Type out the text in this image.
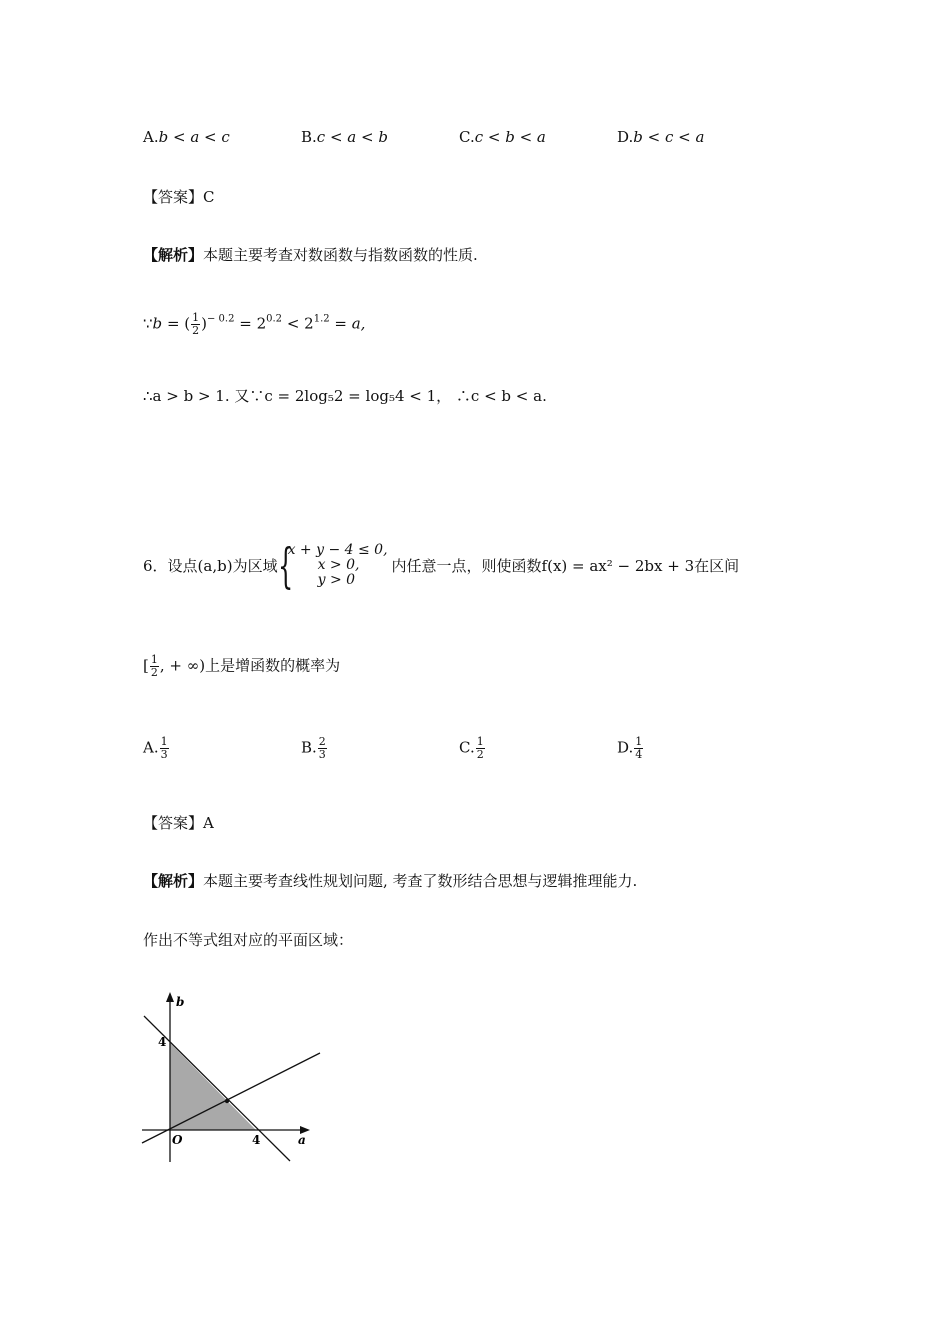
A.b < a < c	B.c < a < b	C.c < b < a	D.b < c < a
【答案】C
【解析】本题主要考查对数函数与指数函数的性质.
∵b = ( $\frac{1}{2} )^{- 0.2} = 2^{0.2} < 2^{1.2} = a$,
∴a > b > 1. 又∵c = 2log₅2 = log₅4 < 1， ∴c < b < a.
6．设点(a,b)为区域 {
x + y − 4 ≤ 0,
x > 0,
y > 0
内任意一点，则使函数f(x) = ax² − 2bx + 3在区间
[ $\frac{1}{2}$ , + ∞)上是增函数的概率为
A. $\frac{1}{3}$	B. $\frac{2}{3}$	C. $\frac{1}{2}$	D. $\frac{1}{4}$
【答案】A
【解析】本题主要考查线性规划问题, 考查了数形结合思想与逻辑推理能力.
作出不等式组对应的平面区域：
b
4
O	4	a
